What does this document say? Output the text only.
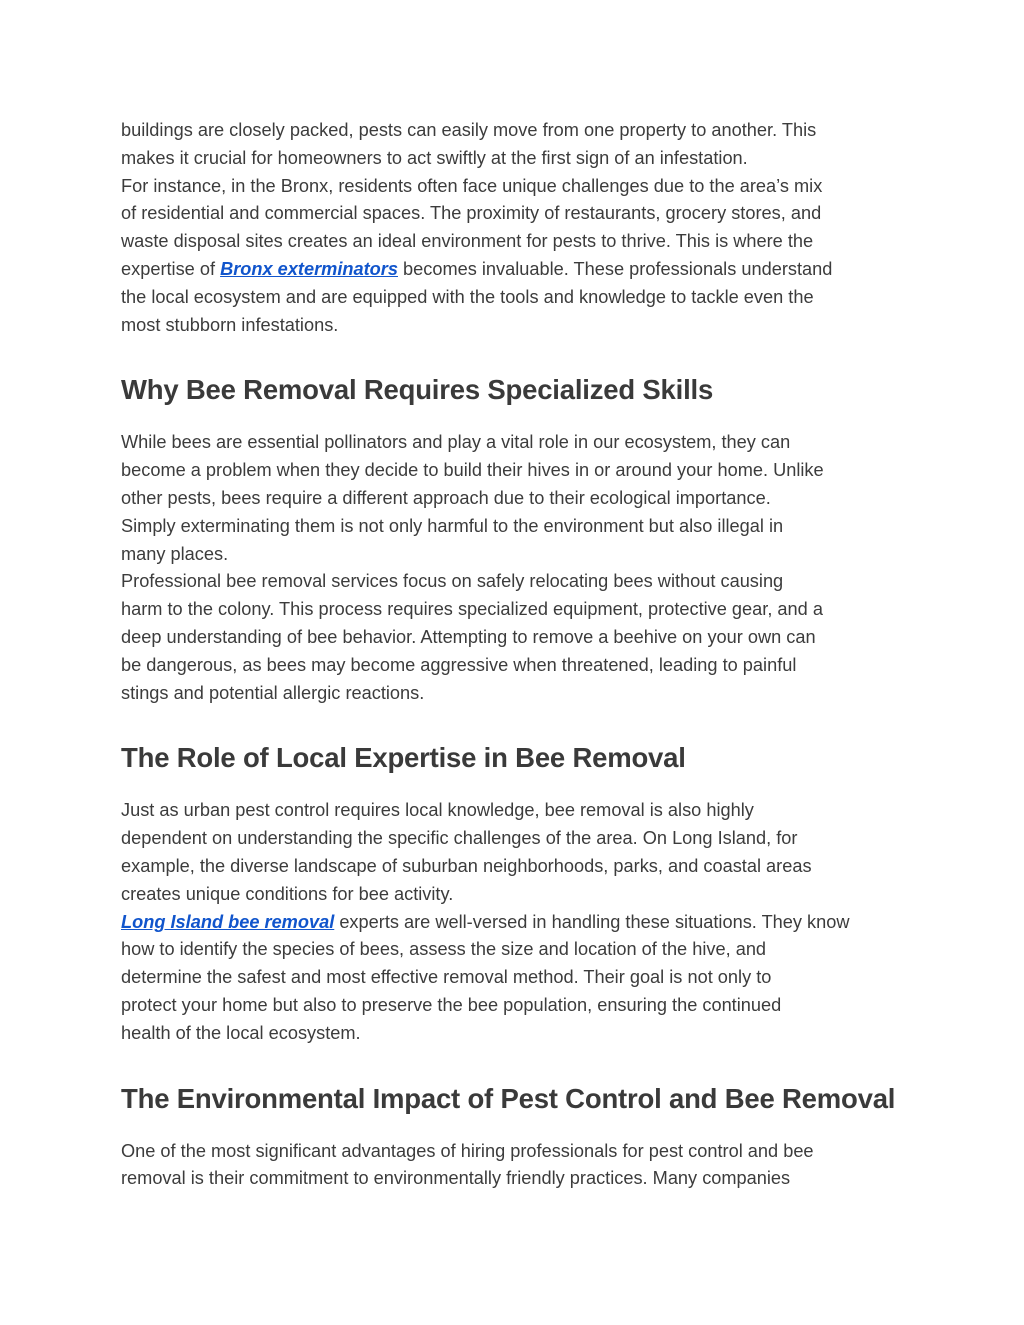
buildings are closely packed, pests can easily move from one property to another. This
makes it crucial for homeowners to act swiftly at the first sign of an infestation.

For instance, in the Bronx, residents often face unique challenges due to the area’s mix
of residential and commercial spaces. The proximity of restaurants, grocery stores, and
waste disposal sites creates an ideal environment for pests to thrive. This is where the
expertise of Bronx exterminators becomes invaluable. These professionals understand
the local ecosystem and are equipped with the tools and knowledge to tackle even the
most stubborn infestations.

Why Bee Removal Requires Specialized Skills

While bees are essential pollinators and play a vital role in our ecosystem, they can
become a problem when they decide to build their hives in or around your home. Unlike
other pests, bees require a different approach due to their ecological importance.
Simply exterminating them is not only harmful to the environment but also illegal in
many places.

Professional bee removal services focus on safely relocating bees without causing
harm to the colony. This process requires specialized equipment, protective gear, and a
deep understanding of bee behavior. Attempting to remove a beehive on your own can
be dangerous, as bees may become aggressive when threatened, leading to painful
stings and potential allergic reactions.

The Role of Local Expertise in Bee Removal

Just as urban pest control requires local knowledge, bee removal is also highly
dependent on understanding the specific challenges of the area. On Long Island, for
example, the diverse landscape of suburban neighborhoods, parks, and coastal areas
creates unique conditions for bee activity.

Long Island bee removal experts are well-versed in handling these situations. They know
how to identify the species of bees, assess the size and location of the hive, and
determine the safest and most effective removal method. Their goal is not only to
protect your home but also to preserve the bee population, ensuring the continued
health of the local ecosystem.

The Environmental Impact of Pest Control and Bee Removal

One of the most significant advantages of hiring professionals for pest control and bee
removal is their commitment to environmentally friendly practices. Many companies
